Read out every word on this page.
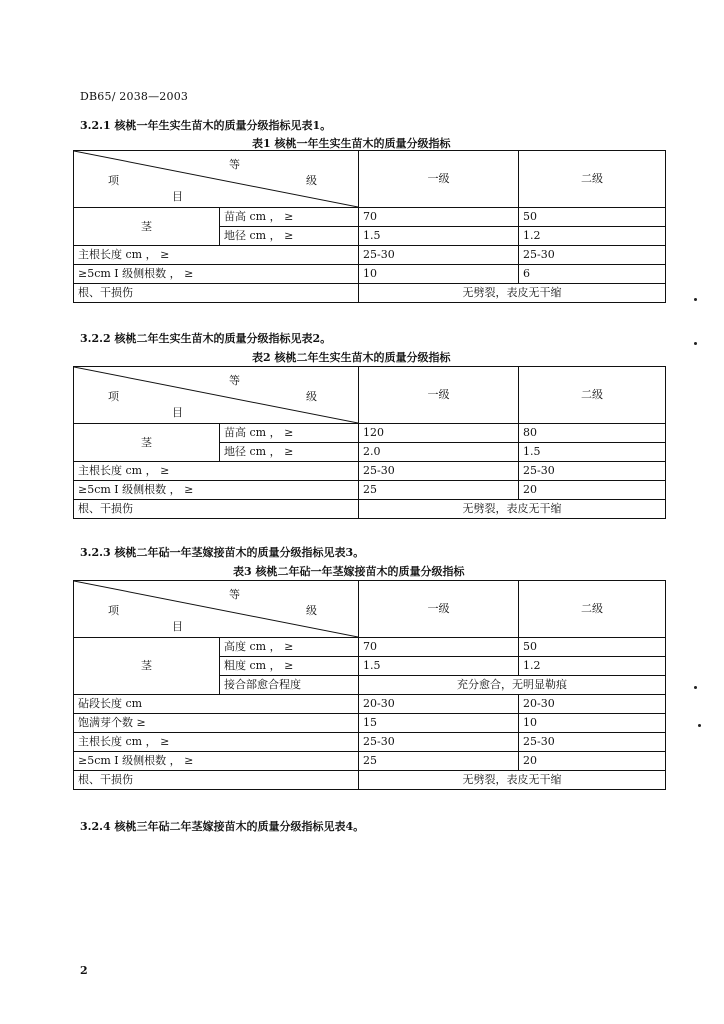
DB65/ 2038—2003
3.2.1 核桃一年生实生苗木的质量分级指标见表1。
表1 核桃一年生实生苗木的质量分级指标
等
级
项
目		一级	二级
茎	苗高 cm ， ≥	70	50
	地径 cm ， ≥	1.5	1.2
主根长度 cm ， ≥		25-30	25-30
≥5cm I 级侧根数 ， ≥		10	6
根、干损伤		无劈裂，表皮无干缩	
3.2.2 核桃二年生实生苗木的质量分级指标见表2。
表2 核桃二年生实生苗木的质量分级指标
等
级
项
目		一级	二级
茎	苗高 cm ， ≥	120	80
	地径 cm ， ≥	2.0	1.5
主根长度 cm ， ≥		25-30	25-30
≥5cm I 级侧根数 ， ≥		25	20
根、干损伤		无劈裂，表皮无干缩	
3.2.3 核桃二年砧一年茎嫁接苗木的质量分级指标见表3。
表3 核桃二年砧一年茎嫁接苗木的质量分级指标
等
级
项
目		一级	二级
茎	高度 cm ， ≥	70	50
	粗度 cm ， ≥	1.5	1.2
	接合部愈合程度	充分愈合，无明显勒痕	
砧段长度 cm		20-30	20-30
饱满芽个数 ≥		15	10
主根长度 cm ， ≥		25-30	25-30
≥5cm I 级侧根数 ， ≥		25	20
根、干损伤		无劈裂，表皮无干缩	
3.2.4 核桃三年砧二年茎嫁接苗木的质量分级指标见表4。
2
